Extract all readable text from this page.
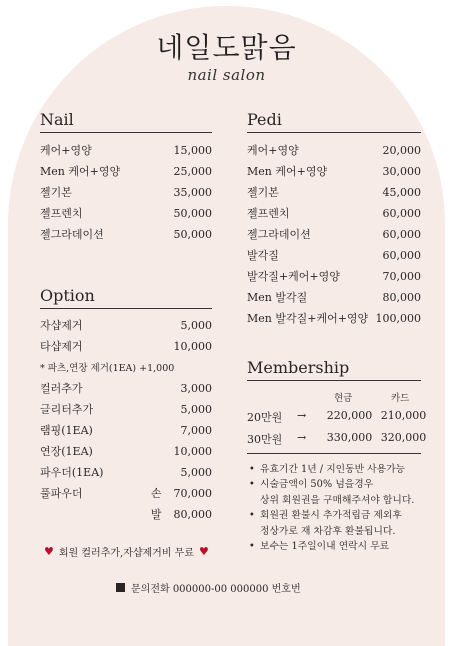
네일도맑음
nail salon
Nail
케어+영양	15,000
Men 케어+영양	25,000
젤기본	35,000
젤프렌치	50,000
젤그라데이션	50,000
Pedi
케어+영양	20,000
Men 케어+영양	30,000
젤기본	45,000
젤프렌치	60,000
젤그라데이션	60,000
발각질	60,000
발각질+케어+영양	70,000
Men 발각질	80,000
Men 발각질+케어+영양 100,000
Option
자샵제거	5,000
타샵제거	10,000
* 파츠,연장 제거(1EA) +1,000
컬러추가	3,000
글리터추가	5,000
램핑(1EA)	7,000
연장(1EA)	10,000
파우더(1EA)	5,000
풀파우더	손 70,000
발 80,000
Membership
현금	카드
20만원	→	220,000 210,000
30만원	→	330,000 320,000
• 유효기간 1년 / 지인동반 사용가능
• 시술금액이 50% 넘을경우
상위 회원권을 구매해주셔야 합니다.
• 회원권 환불시 추가적립금 제외후
정상가로 재 차감후 환불됩니다.
• 보수는 1주일이내 연락시 무료
♥ 회원 컬러추가,자샵제거비 무료 ♥
문의전화 000000-00 000000 번호번
